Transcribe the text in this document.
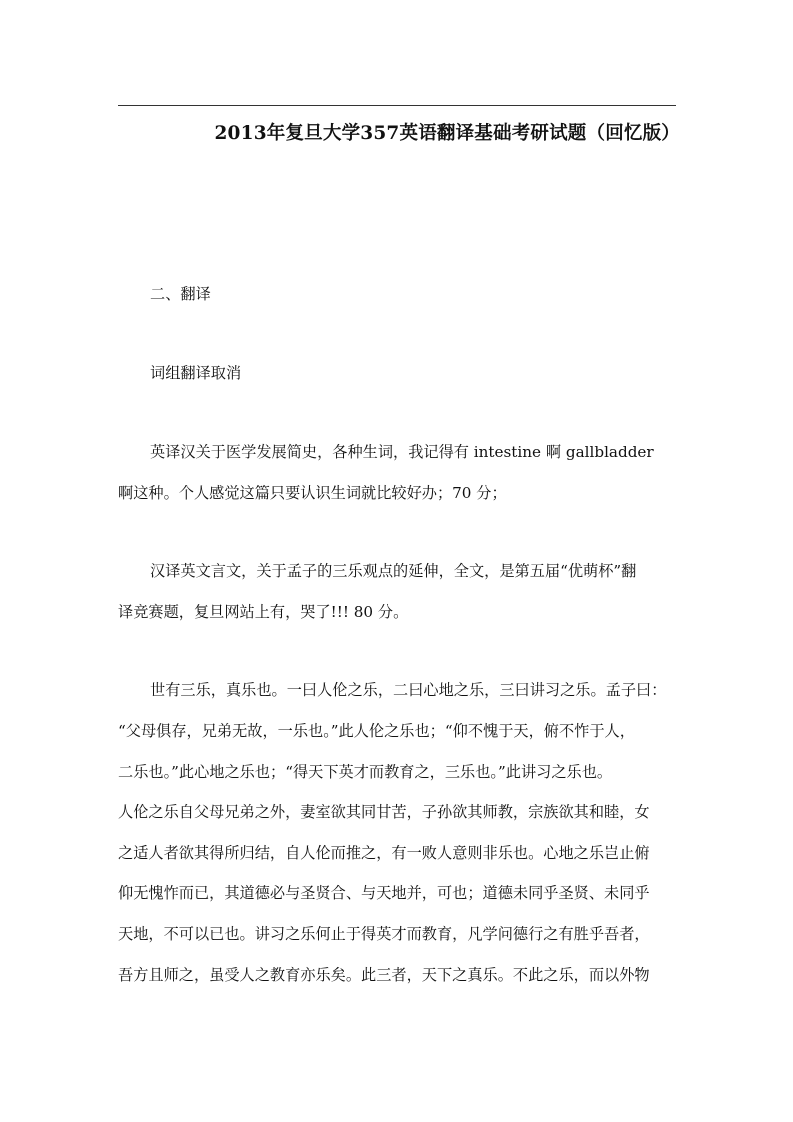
2013年复旦大学357英语翻译基础考研试题（回忆版）
二、翻译
词组翻译取消
英译汉关于医学发展简史，各种生词，我记得有 intestine 啊 gallbladder
啊这种。个人感觉这篇只要认识生词就比较好办；70 分；
汉译英文言文，关于孟子的三乐观点的延伸，全文，是第五届“优萌杯”翻
译竞赛题，复旦网站上有，哭了!!! 80 分。
世有三乐，真乐也。一曰人伦之乐，二曰心地之乐，三曰讲习之乐。孟子曰：
“父母俱存，兄弟无故，一乐也。”此人伦之乐也；“仰不愧于天，俯不怍于人，
二乐也。”此心地之乐也；“得天下英才而教育之，三乐也。”此讲习之乐也。
人伦之乐自父母兄弟之外，妻室欲其同甘苦，子孙欲其师教，宗族欲其和睦，女
之适人者欲其得所归结，自人伦而推之，有一败人意则非乐也。心地之乐岂止俯
仰无愧怍而已，其道德必与圣贤合、与天地并，可也；道德未同乎圣贤、未同乎
天地，不可以已也。讲习之乐何止于得英才而教育，凡学问德行之有胜乎吾者，
吾方且师之，虽受人之教育亦乐矣。此三者，天下之真乐。不此之乐，而以外物
